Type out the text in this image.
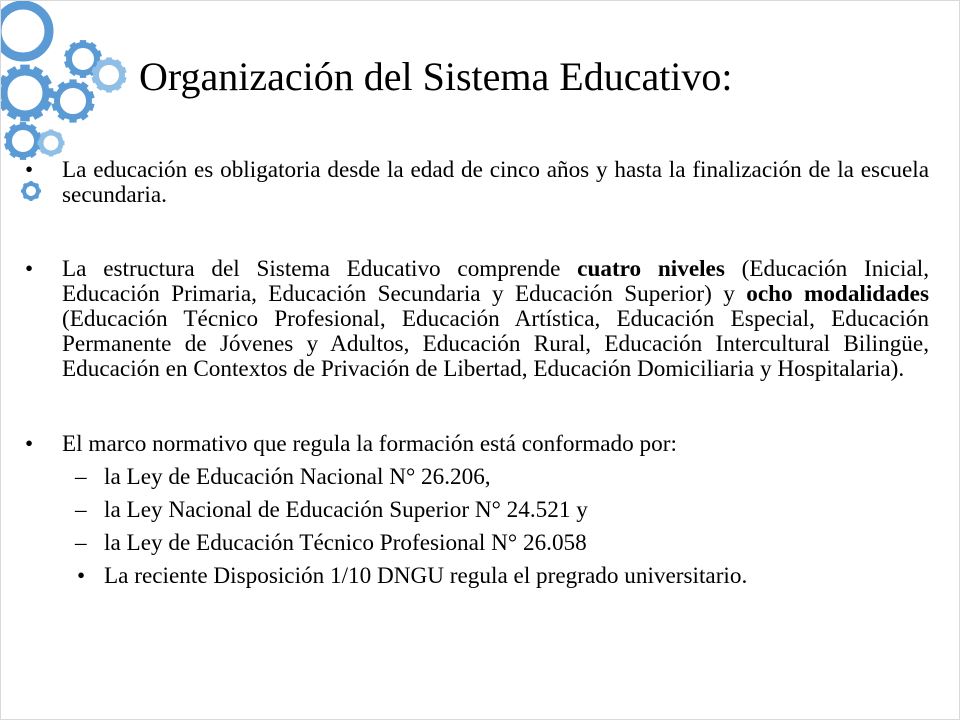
Organización del Sistema Educativo:
• La educación es obligatoria desde la edad de cinco años y hasta la finalización de la escuela secundaria.
• La estructura del Sistema Educativo comprende cuatro niveles (Educación Inicial, Educación Primaria, Educación Secundaria y Educación Superior) y ocho modalidades (Educación Técnico Profesional, Educación Artística, Educación Especial, Educación Permanente de Jóvenes y Adultos, Educación Rural, Educación Intercultural Bilingüe, Educación en Contextos de Privación de Libertad, Educación Domiciliaria y Hospitalaria).
• El marco normativo que regula la formación está conformado por:
– la Ley de Educación Nacional N° 26.206,
– la Ley Nacional de Educación Superior N° 24.521 y
– la Ley de Educación Técnico Profesional N° 26.058
• La reciente Disposición 1/10 DNGU regula el pregrado universitario.
